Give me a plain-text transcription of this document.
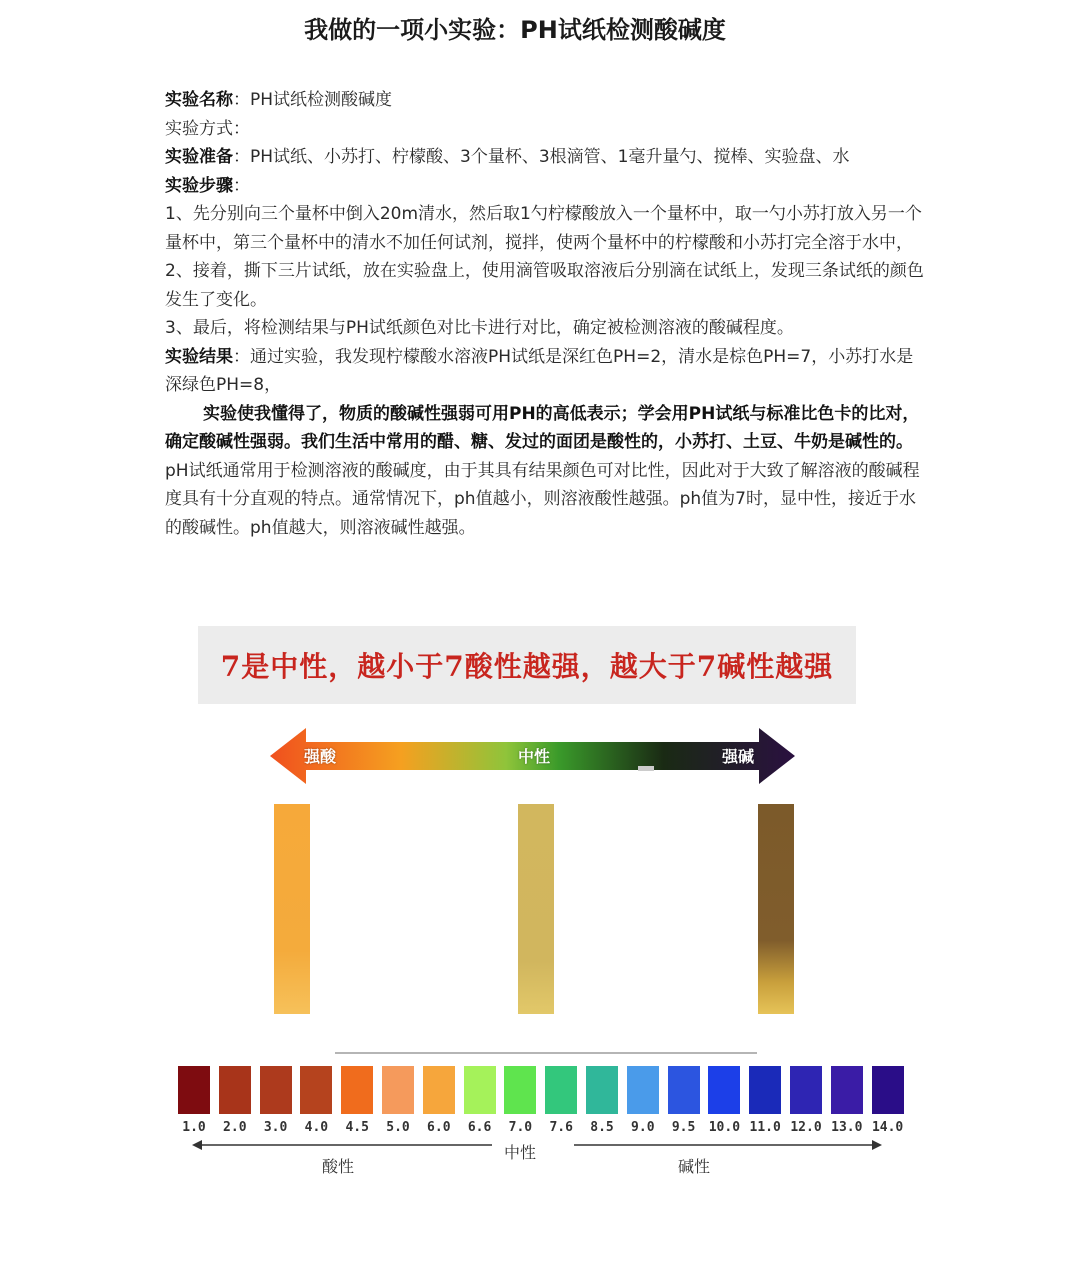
我做的一项小实验：PH试纸检测酸碱度

实验名称：PH试纸检测酸碱度

实验方式：

实验准备：PH试纸、小苏打、柠檬酸、3个量杯、3根滴管、1毫升量勺、搅棒、实验盘、水

实验步骤：

1、先分别向三个量杯中倒入20m清水，然后取1勺柠檬酸放入一个量杯中，取一勺小苏打放入另一个量杯中，第三个量杯中的清水不加任何试剂，搅拌，使两个量杯中的柠檬酸和小苏打完全溶于水中，

2、接着，撕下三片试纸，放在实验盘上，使用滴管吸取溶液后分别滴在试纸上，发现三条试纸的颜色发生了变化。

3、最后，将检测结果与PH试纸颜色对比卡进行对比，确定被检测溶液的酸碱程度。

实验结果：通过实验，我发现柠檬酸水溶液PH试纸是深红色PH=2，清水是棕色PH=7，小苏打水是深绿色PH=8，

实验使我懂得了，物质的酸碱性强弱可用PH的高低表示；学会用PH试纸与标准比色卡的比对，确定酸碱性强弱。我们生活中常用的醋、糖、发过的面团是酸性的，小苏打、土豆、牛奶是碱性的。

pH试纸通常用于检测溶液的酸碱度，由于其具有结果颜色可对比性，因此对于大致了解溶液的酸碱程度具有十分直观的特点。通常情况下，ph值越小，则溶液酸性越强。ph值为7时，显中性，接近于水的酸碱性。ph值越大，则溶液碱性越强。

7是中性，越小于7酸性越强，越大于7碱性越强
强酸	中性	强碱
1.0	2.0	3.0	4.0	4.5	5.0	6.0	6.6	7.0	7.6	8.5	9.0	9.5	10.0 11.0 12.0 13.0 14.0
酸性
中性
碱性
